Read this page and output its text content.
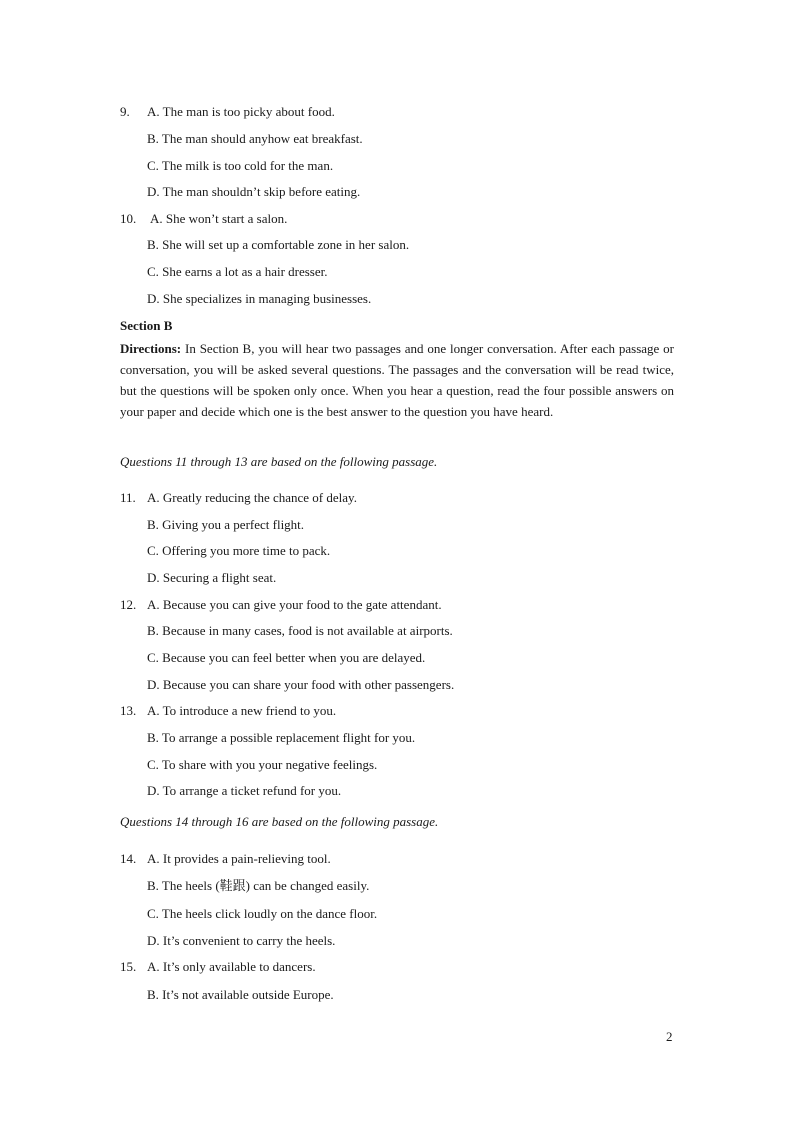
9. A. The man is too picky about food.
B. The man should anyhow eat breakfast.
C. The milk is too cold for the man.
D. The man shouldn’t skip before eating.
10. A. She won’t start a salon.
B. She will set up a comfortable zone in her salon.
C. She earns a lot as a hair dresser.
D. She specializes in managing businesses.
Section B
Directions: In Section B, you will hear two passages and one longer conversation. After each passage or conversation, you will be asked several questions. The passages and the conversation will be read twice, but the questions will be spoken only once. When you hear a question, read the four possible answers on your paper and decide which one is the best answer to the question you have heard.
Questions 11 through 13 are based on the following passage.
11. A. Greatly reducing the chance of delay.
B. Giving you a perfect flight.
C. Offering you more time to pack.
D. Securing a flight seat.
12. A. Because you can give your food to the gate attendant.
B. Because in many cases, food is not available at airports.
C. Because you can feel better when you are delayed.
D. Because you can share your food with other passengers.
13. A. To introduce a new friend to you.
B. To arrange a possible replacement flight for you.
C. To share with you your negative feelings.
D. To arrange a ticket refund for you.
Questions 14 through 16 are based on the following passage.
14. A. It provides a pain-relieving tool.
B. The heels (鞋跟) can be changed easily.
C. The heels click loudly on the dance floor.
D. It’s convenient to carry the heels.
15. A. It’s only available to dancers.
B. It’s not available outside Europe.
2
